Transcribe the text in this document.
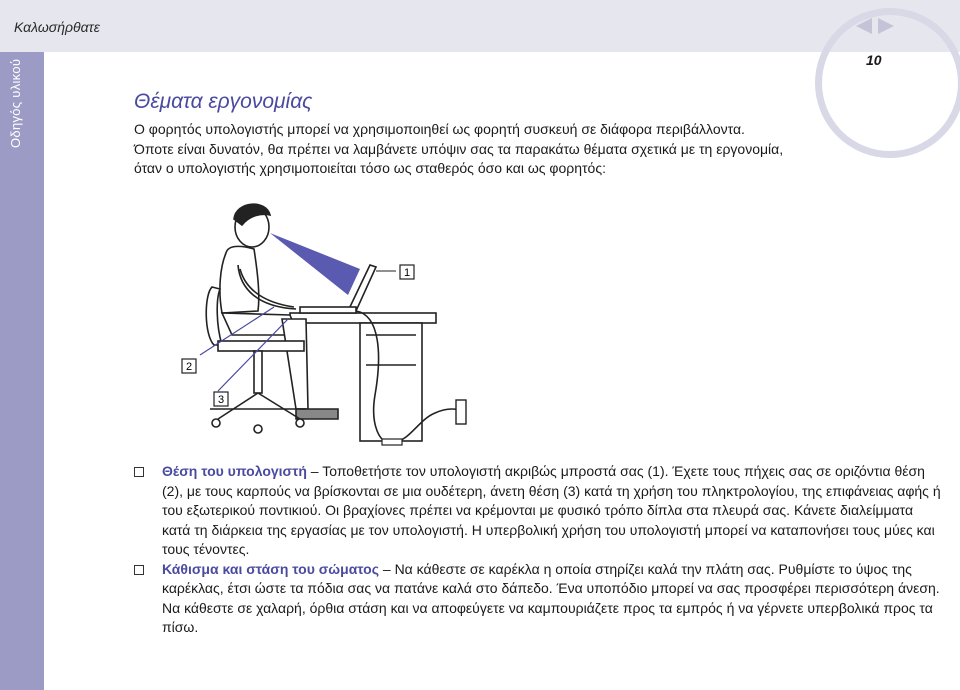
Οδηγός υλικού
Καλωσήρθατε
10
Θέματα εργονομίας

Ο φορητός υπολογιστής μπορεί να χρησιμοποιηθεί ως φορητή συσκευή σε διάφορα περιβάλλοντα.

Όποτε είναι δυνατόν, θα πρέπει να λαμβάνετε υπόψιν σας τα παρακάτω θέματα σχετικά με τη εργονομία,

όταν ο υπολογιστής χρησιμοποιείται τόσο ως σταθερός όσο και ως φορητός:

1
2
3

Θέση του υπολογιστή – Τοποθετήστε τον υπολογιστή ακριβώς μπροστά σας (1). Έχετε τους πήχεις σας σε οριζόντια θέση (2), με τους καρπούς να βρίσκονται σε μια ουδέτερη, άνετη θέση (3) κατά τη χρήση του πληκτρολογίου, της επιφάνειας αφής ή του εξωτερικού ποντικιού. Οι βραχίονες πρέπει να κρέμονται με φυσικό τρόπο δίπλα στα πλευρά σας. Κάνετε διαλείμματα κατά τη διάρκεια της εργασίας με τον υπολογιστή. Η υπερβολική χρήση του υπολογιστή μπορεί να καταπονήσει τους μύες και τους τένοντες.

Κάθισμα και στάση του σώματος – Να κάθεστε σε καρέκλα η οποία στηρίζει καλά την πλάτη σας. Ρυθμίστε το ύψος της καρέκλας, έτσι ώστε τα πόδια σας να πατάνε καλά στο δάπεδο. Ένα υποπόδιο μπορεί να σας προσφέρει περισσότερη άνεση. Να κάθεστε σε χαλαρή, όρθια στάση και να αποφεύγετε να καμπουριάζετε προς τα εμπρός ή να γέρνετε υπερβολικά προς τα πίσω.
